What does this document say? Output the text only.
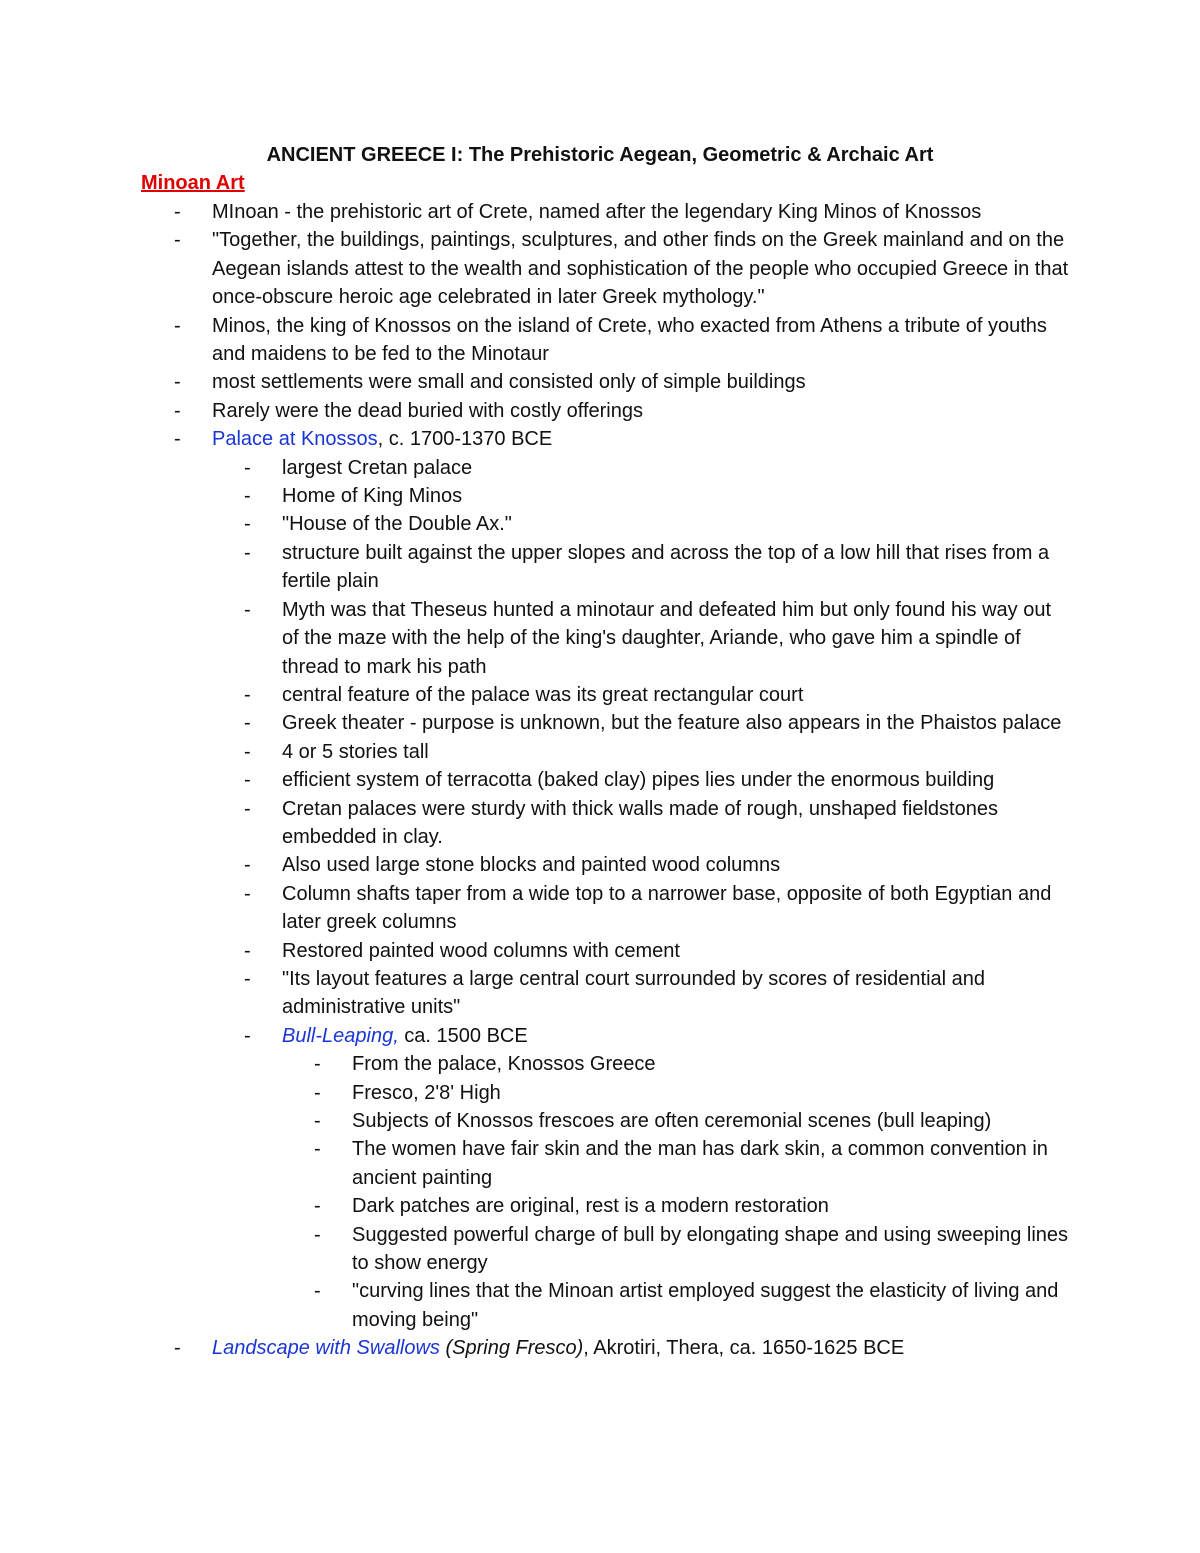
ANCIENT GREECE I: The Prehistoric Aegean, Geometric & Archaic Art
Minoan Art
- MInoan - the prehistoric art of Crete, named after the legendary King Minos of Knossos
- "Together, the buildings, paintings, sculptures, and other finds on the Greek mainland and on the Aegean islands attest to the wealth and sophistication of the people who occupied Greece in that once-obscure heroic age celebrated in later Greek mythology."
- Minos, the king of Knossos on the island of Crete, who exacted from Athens a tribute of youths and maidens to be fed to the Minotaur
- most settlements were small and consisted only of simple buildings
- Rarely were the dead buried with costly offerings
- Palace at Knossos, c. 1700-1370 BCE
- largest Cretan palace
- Home of King Minos
- "House of the Double Ax."
- structure built against the upper slopes and across the top of a low hill that rises from a fertile plain
- Myth was that Theseus hunted a minotaur and defeated him but only found his way out of the maze with the help of the king's daughter, Ariande, who gave him a spindle of thread to mark his path
- central feature of the palace was its great rectangular court
- Greek theater - purpose is unknown, but the feature also appears in the Phaistos palace
- 4 or 5 stories tall
- efficient system of terracotta (baked clay) pipes lies under the enormous building
- Cretan palaces were sturdy with thick walls made of rough, unshaped fieldstones embedded in clay.
- Also used large stone blocks and painted wood columns
- Column shafts taper from a wide top to a narrower base, opposite of both Egyptian and later greek columns
- Restored painted wood columns with cement
- "Its layout features a large central court surrounded by scores of residential and administrative units"
- Bull-Leaping, ca. 1500 BCE
- From the palace, Knossos Greece
- Fresco, 2'8' High
- Subjects of Knossos frescoes are often ceremonial scenes (bull leaping)
- The women have fair skin and the man has dark skin, a common convention in ancient painting
- Dark patches are original, rest is a modern restoration
- Suggested powerful charge of bull by elongating shape and using sweeping lines to show energy
- "curving lines that the Minoan artist employed suggest the elasticity of living and moving being"
- Landscape with Swallows (Spring Fresco), Akrotiri, Thera, ca. 1650-1625 BCE
